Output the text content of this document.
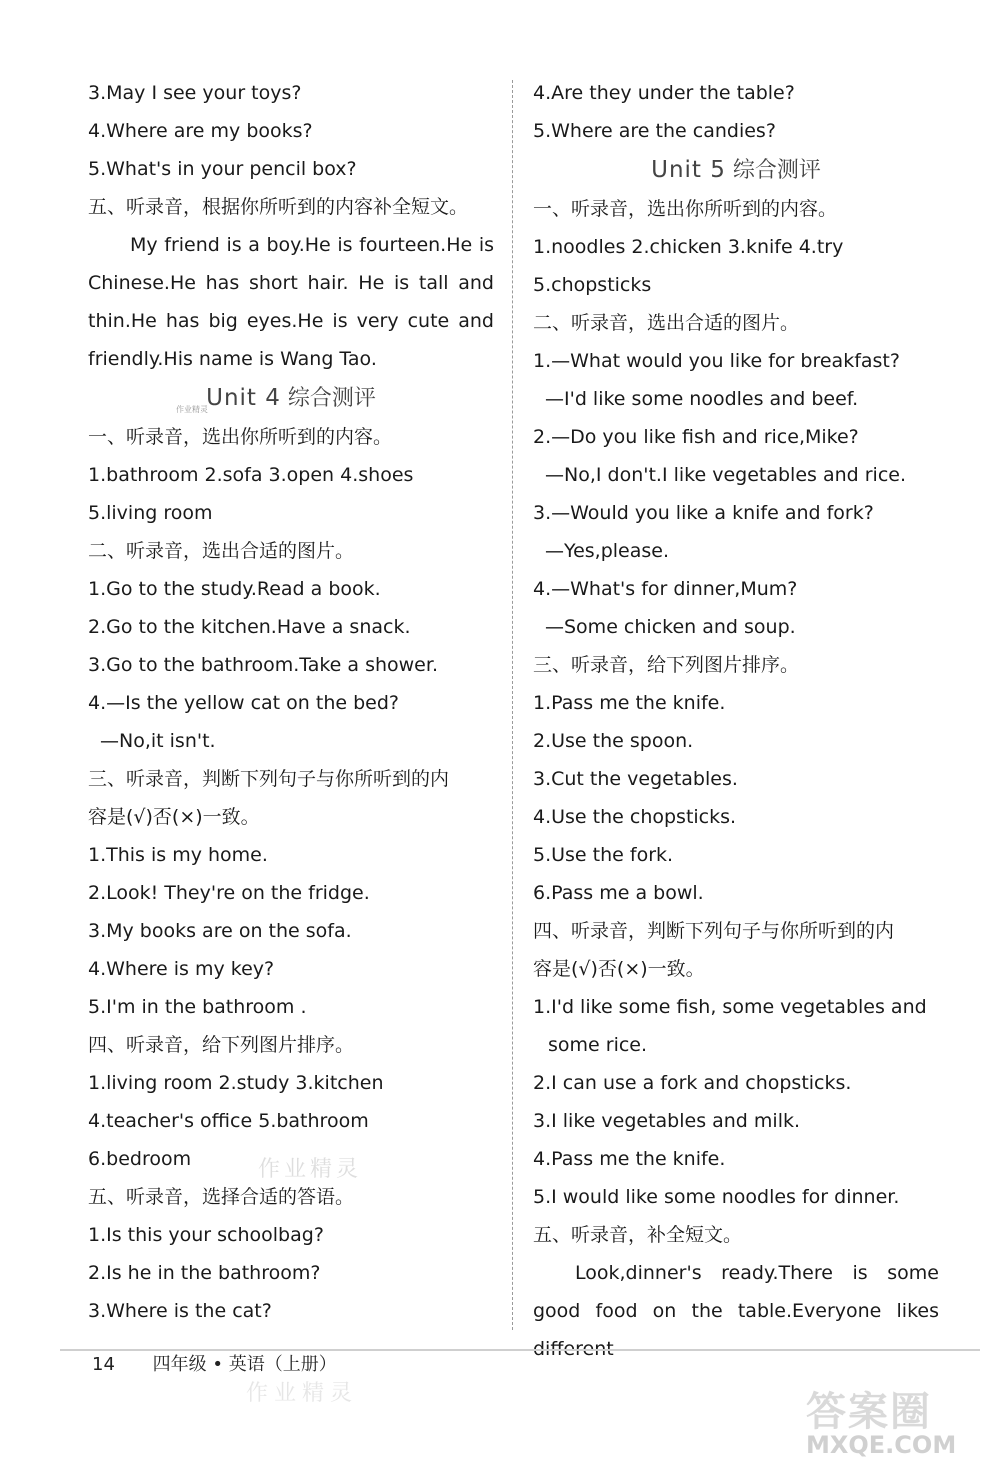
3.May I see your toys?
4.Where are my books?
5.What's in your pencil box?
五、听录音，根据你所听到的内容补全短文。

My friend is a boy.He is fourteen.He is Chinese.He has short hair. He is tall and thin.He has big eyes.He is very cute and friendly.His name is Wang Tao.

Unit 4 综合测评
一、听录音，选出你所听到的内容。
1.bathroom 2.sofa 3.open 4.shoes
5.living room
二、听录音，选出合适的图片。
1.Go to the study.Read a book.
2.Go to the kitchen.Have a snack.
3.Go to the bathroom.Take a shower.
4.—Is the yellow cat on the bed?
—No,it isn't.
三、听录音，判断下列句子与你所听到的内
容是(√)否(×)一致。
1.This is my home.
2.Look! They're on the fridge.
3.My books are on the sofa.
4.Where is my key?
5.I'm in the bathroom .
四、听录音，给下列图片排序。
1.living room 2.study 3.kitchen
4.teacher's office 5.bathroom
6.bedroom
五、听录音，选择合适的答语。
1.Is this your schoolbag?
2.Is he in the bathroom?
3.Where is the cat?
作业精灵
4.Are they under the table?
5.Where are the candies?
Unit 5 综合测评
一、听录音，选出你所听到的内容。
1.noodles 2.chicken 3.knife 4.try
5.chopsticks
二、听录音，选出合适的图片。
1.—What would you like for breakfast?
—I'd like some noodles and beef.
2.—Do you like fish and rice,Mike?
—No,I don't.I like vegetables and rice.
3.—Would you like a knife and fork?
—Yes,please.
4.—What's for dinner,Mum?
—Some chicken and soup.
三、听录音，给下列图片排序。
1.Pass me the knife.
2.Use the spoon.
3.Cut the vegetables.
4.Use the chopsticks.
5.Use the fork.
6.Pass me a bowl.
四、听录音，判断下列句子与你所听到的内
容是(√)否(×)一致。
1.I'd like some fish, some vegetables and
some rice.
2.I can use a fork and chopsticks.
3.I like vegetables and milk.
4.Pass me the knife.
5.I would like some noodles for dinner.
五、听录音，补全短文。

Look,dinner's ready.There is some good food on the table.Everyone likes different

14 四年级 • 英语（上册）
作业精灵
作业精灵	答案圈
MXQE.COM
